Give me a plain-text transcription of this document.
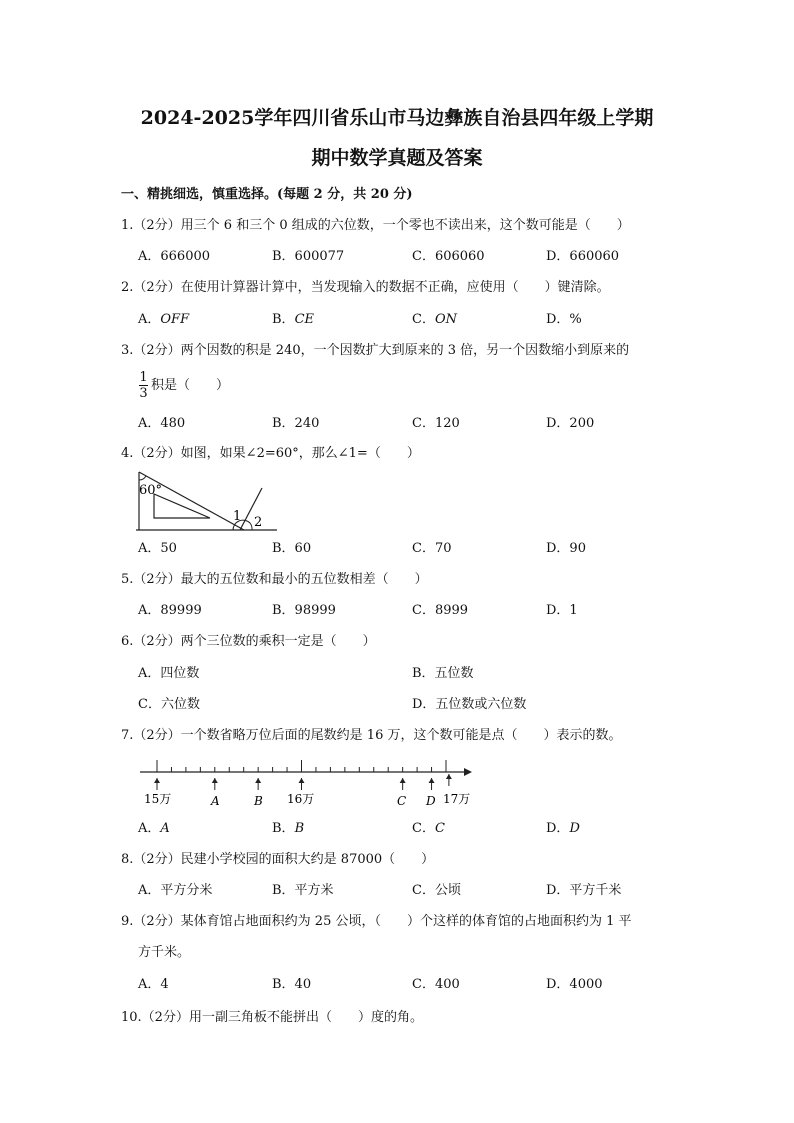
2024-2025学年四川省乐山市马边彝族自治县四年级上学期
期中数学真题及答案
一、精挑细选，慎重选择。(每题 2 分，共 20 分)
1.（2分）用三个 6 和三个 0 组成的六位数，一个零也不读出来，这个数可能是（　　）
A．666000	B．600077	C．606060	D．660060
2.（2分）在使用计算器计算中，当发现输入的数据不正确，应使用（　　）键清除。
A．OFF	B．CE	C．ON	D．%
3.（2分）两个因数的积是 240，一个因数扩大到原来的 3 倍，另一个因数缩小到原来的
1
3
积是（　　）
A．480	B．240	C．120	D．200
4.（2分）如图，如果∠2=60°，那么∠1=（　　）
60°
1 2
A．50	B．60	C．70	D．90
5.（2分）最大的五位数和最小的五位数相差（　　）
A．89999	B．98999	C．8999	D．1
6.（2分）两个三位数的乘积一定是（　　）
A．四位数	B．五位数
C．六位数	D．五位数或六位数
7.（2分）一个数省略万位后面的尾数约是 16 万，这个数可能是点（　　）表示的数。
15万	A	B 16万	C D 17万
A．A	B．B	C．C	D．D
8.（2分）民建小学校园的面积大约是 87000（　　）
A．平方分米	B．平方米	C．公顷	D．平方千米
9.（2分）某体育馆占地面积约为 25 公顷，（　　）个这样的体育馆的占地面积约为 1 平
方千米。
A．4	B．40	C．400	D．4000
10.（2分）用一副三角板不能拼出（　　）度的角。
